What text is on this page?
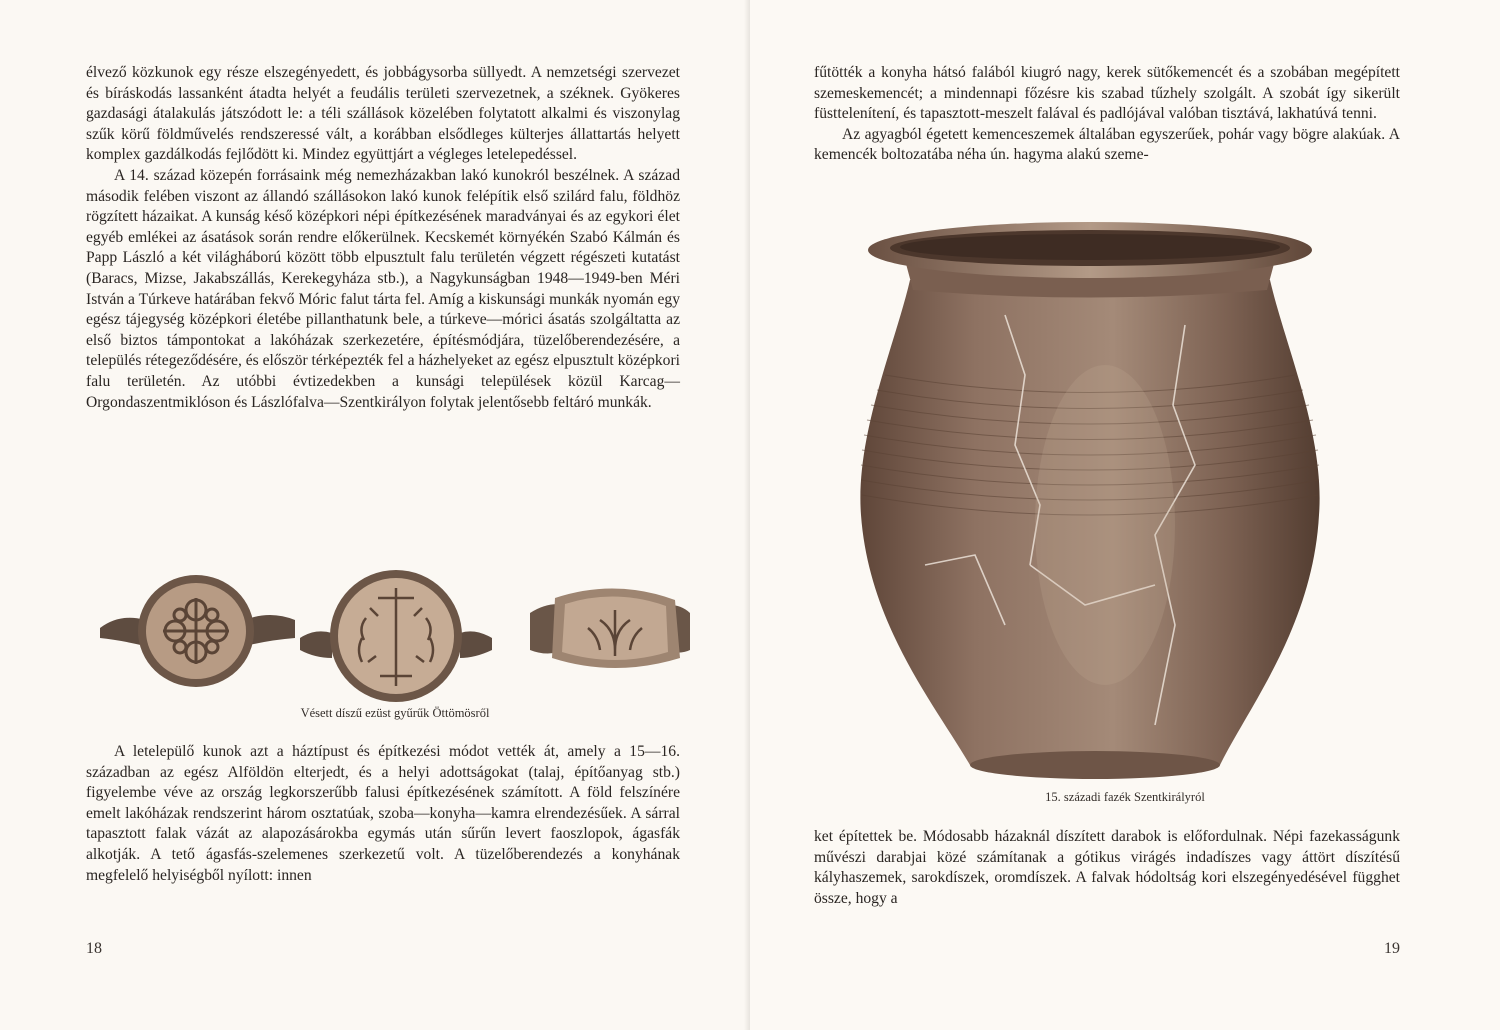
élvező közkunok egy része elszegényedett, és jobbágysorba süllyedt. A nemzetségi szervezet és bíráskodás lassanként átadta helyét a feudális területi szervezetnek, a széknek. Gyökeres gazdasági átalakulás játszódott le: a téli szállások közelében folytatott alkalmi és viszonylag szűk körű földművelés rendszeressé vált, a korábban elsődleges külterjes állattartás helyett komplex gazdálkodás fejlődött ki. Mindez együttjárt a végleges letelepedéssel.

A 14. század közepén forrásaink még nemezházakban lakó kunokról beszélnek. A század második felében viszont az állandó szállásokon lakó kunok felépítik első szilárd falu, földhöz rögzített házaikat. A kunság késő középkori népi építkezésének maradványai és az egykori élet egyéb emlékei az ásatások során rendre előkerülnek. Kecskemét környékén Szabó Kálmán és Papp László a két világháború között több elpusztult falu területén végzett régészeti kutatást (Baracs, Mizse, Jakabszállás, Kerekegyháza stb.), a Nagykunságban 1948—1949-ben Méri István a Túrkeve határában fekvő Móric falut tárta fel. Amíg a kiskunsági munkák nyomán egy egész tájegység középkori életébe pillanthatunk bele, a túrkeve—mórici ásatás szolgáltatta az első biztos támpontokat a lakóházak szerkezetére, építésmódjára, tüzelőberendezésére, a település rétegeződésére, és először térképezték fel a házhelyeket az egész elpusztult középkori falu területén. Az utóbbi évtizedekben a kunsági települések közül Karcag—Orgondaszentmiklóson és Lászlófalva—Szentkirályon folytak jelentősebb feltáró munkák.

Vésett díszű ezüst gyűrűk Öttömösről

A letelepülő kunok azt a háztípust és építkezési módot vették át, amely a 15—16. században az egész Alföldön elterjedt, és a helyi adottságokat (talaj, építőanyag stb.) figyelembe véve az ország legkorszerűbb falusi építkezésének számított. A föld felszínére emelt lakóházak rendszerint három osztatúak, szoba—konyha—kamra elrendezésűek. A sárral tapasztott falak vázát az alapozásárokba egymás után sűrűn levert faoszlopok, ágasfák alkotják. A tető ágasfás-szelemenes szerkezetű volt. A tüzelőberendezés a konyhának megfelelő helyiségből nyílott: innen

18

fűtötték a konyha hátsó falából kiugró nagy, kerek sütőkemencét és a szobában megépített szemeskemencét; a mindennapi főzésre kis szabad tűzhely szolgált. A szobát így sikerült füsttelenítení, és tapasztott-meszelt falával és padlójával valóban tisztává, lakhatúvá tenni.

Az agyagból égetett kemenceszemek általában egyszerűek, pohár vagy bögre alakúak. A kemencék boltozatába néha ún. hagyma alakú szeme-

15. századi fazék Szentkirályról

ket építettek be. Módosabb házaknál díszített darabok is előfordulnak. Népi fazekasságunk művészi darabjai közé számítanak a gótikus virágés indadíszes vagy áttört díszítésű kályhaszemek, sarokdíszek, oromdíszek. A falvak hódoltság kori elszegényedésével függhet össze, hogy a

19
